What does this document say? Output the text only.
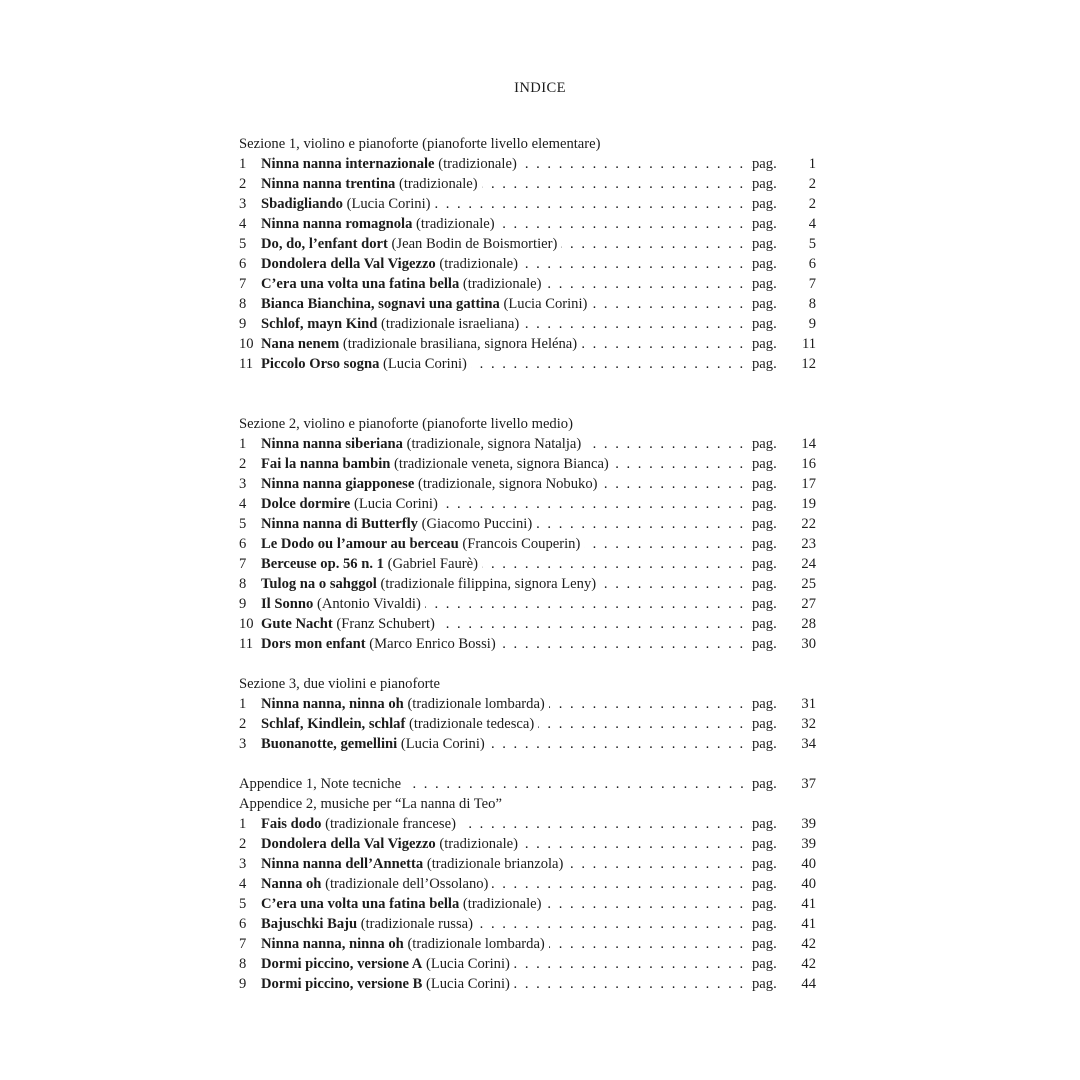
INDICE
Sezione 1, violino e pianoforte (pianoforte livello elementare)
1	Ninna nanna internazionale (tradizionale) . . .	pag.	1
2	Ninna nanna trentina (tradizionale) . . .	pag.	2
3	Sbadigliando (Lucia Corini) . . .	pag.	2
4	Ninna nanna romagnola (tradizionale) . . .	pag.	4
5	Do, do, l’enfant dort (Jean Bodin de Boismortier) . . .	pag.	5
6	Dondolera della Val Vigezzo (tradizionale) . . .	pag.	6
7	C’era una volta una fatina bella (tradizionale) . . .	pag.	7
8	Bianca Bianchina, sognavi una gattina (Lucia Corini) . . .	pag.	8
9	Schlof, mayn Kind (tradizionale israeliana) . . .	pag.	9
10 Nana nenem (tradizionale brasiliana, signora Heléna) . . .	pag.	11
11 Piccolo Orso sogna (Lucia Corini) . . .	pag.	12
Sezione 2, violino e pianoforte (pianoforte livello medio)
1	Ninna nanna siberiana (tradizionale, signora Natalja) . . .	pag.	14
2	Fai la nanna bambin (tradizionale veneta, signora Bianca) . . .	pag.	16
3	Ninna nanna giapponese (tradizionale, signora Nobuko) . . .	pag.	17
4	Dolce dormire (Lucia Corini) . . .	pag.	19
5	Ninna nanna di Butterfly (Giacomo Puccini) . . .	pag.	22
6	Le Dodo ou l’amour au berceau (Francois Couperin) . . .	pag.	23
7	Berceuse op. 56 n. 1 (Gabriel Faurè) . . .	pag.	24
8	Tulog na o sahggol (tradizionale filippina, signora Leny) . . .	pag.	25
9	Il Sonno (Antonio Vivaldi) . . .	pag.	27
10 Gute Nacht (Franz Schubert) . . .	pag.	28
11 Dors mon enfant (Marco Enrico Bossi) . . .	pag.	30
Sezione 3, due violini e pianoforte
1	Ninna nanna, ninna oh (tradizionale lombarda) . . .	pag.	31
2	Schlaf, Kindlein, schlaf (tradizionale tedesca) . . .	pag.	32
3	Buonanotte, gemellini (Lucia Corini) . . .	pag.	34
Appendice 1, Note tecniche . . .	pag.	37
Appendice 2, musiche per “La nanna di Teo”
1	Fais dodo (tradizionale francese) . . .	pag.	39
2	Dondolera della Val Vigezzo (tradizionale) . . .	pag.	39
3	Ninna nanna dell’Annetta (tradizionale brianzola) . . .	pag.	40
4	Nanna oh (tradizionale dell’Ossolano) . . .	pag.	40
5	C’era una volta una fatina bella (tradizionale) . . .	pag.	41
6	Bajuschki Baju (tradizionale russa) . . .	pag.	41
7	Ninna nanna, ninna oh (tradizionale lombarda) . . .	pag.	42
8	Dormi piccino, versione A (Lucia Corini) . . .	pag.	42
9	Dormi piccino, versione B (Lucia Corini) . . .	pag.	44
